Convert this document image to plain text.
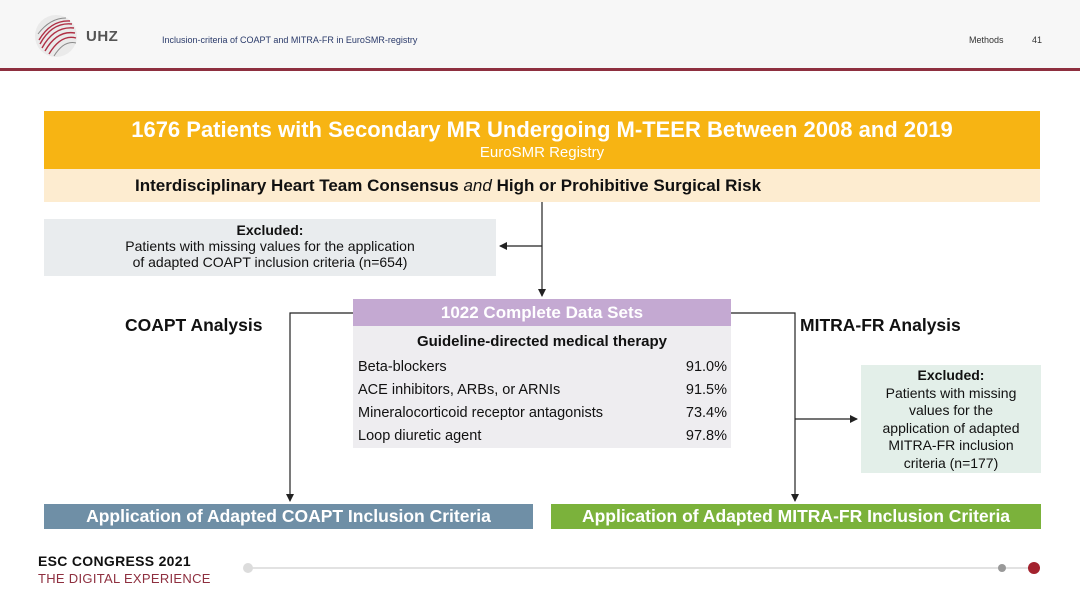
UHZ	Inclusion-criteria of COAPT and MITRA-FR in EuroSMR-registry	Methods	41
1676 Patients with Secondary MR Undergoing M-TEER Between 2008 and 2019
EuroSMR Registry
Interdisciplinary Heart Team Consensus and High or Prohibitive Surgical Risk
Excluded:
Patients with missing values for the application
of adapted COAPT inclusion criteria (n=654)
COAPT Analysis	MITRA-FR Analysis
1022 Complete Data Sets
Guideline-directed medical therapy
Beta-blockers	91.0%
ACE inhibitors, ARBs, or ARNIs	91.5%
Mineralocorticoid receptor antagonists	73.4%
Loop diuretic agent	97.8%
Excluded:
Patients with missing
values for the
application of adapted
MITRA-FR inclusion
criteria (n=177)
Application of Adapted COAPT Inclusion Criteria	Application of Adapted MITRA-FR Inclusion Criteria
ESC CONGRESS 2021
THE DIGITAL EXPERIENCE
